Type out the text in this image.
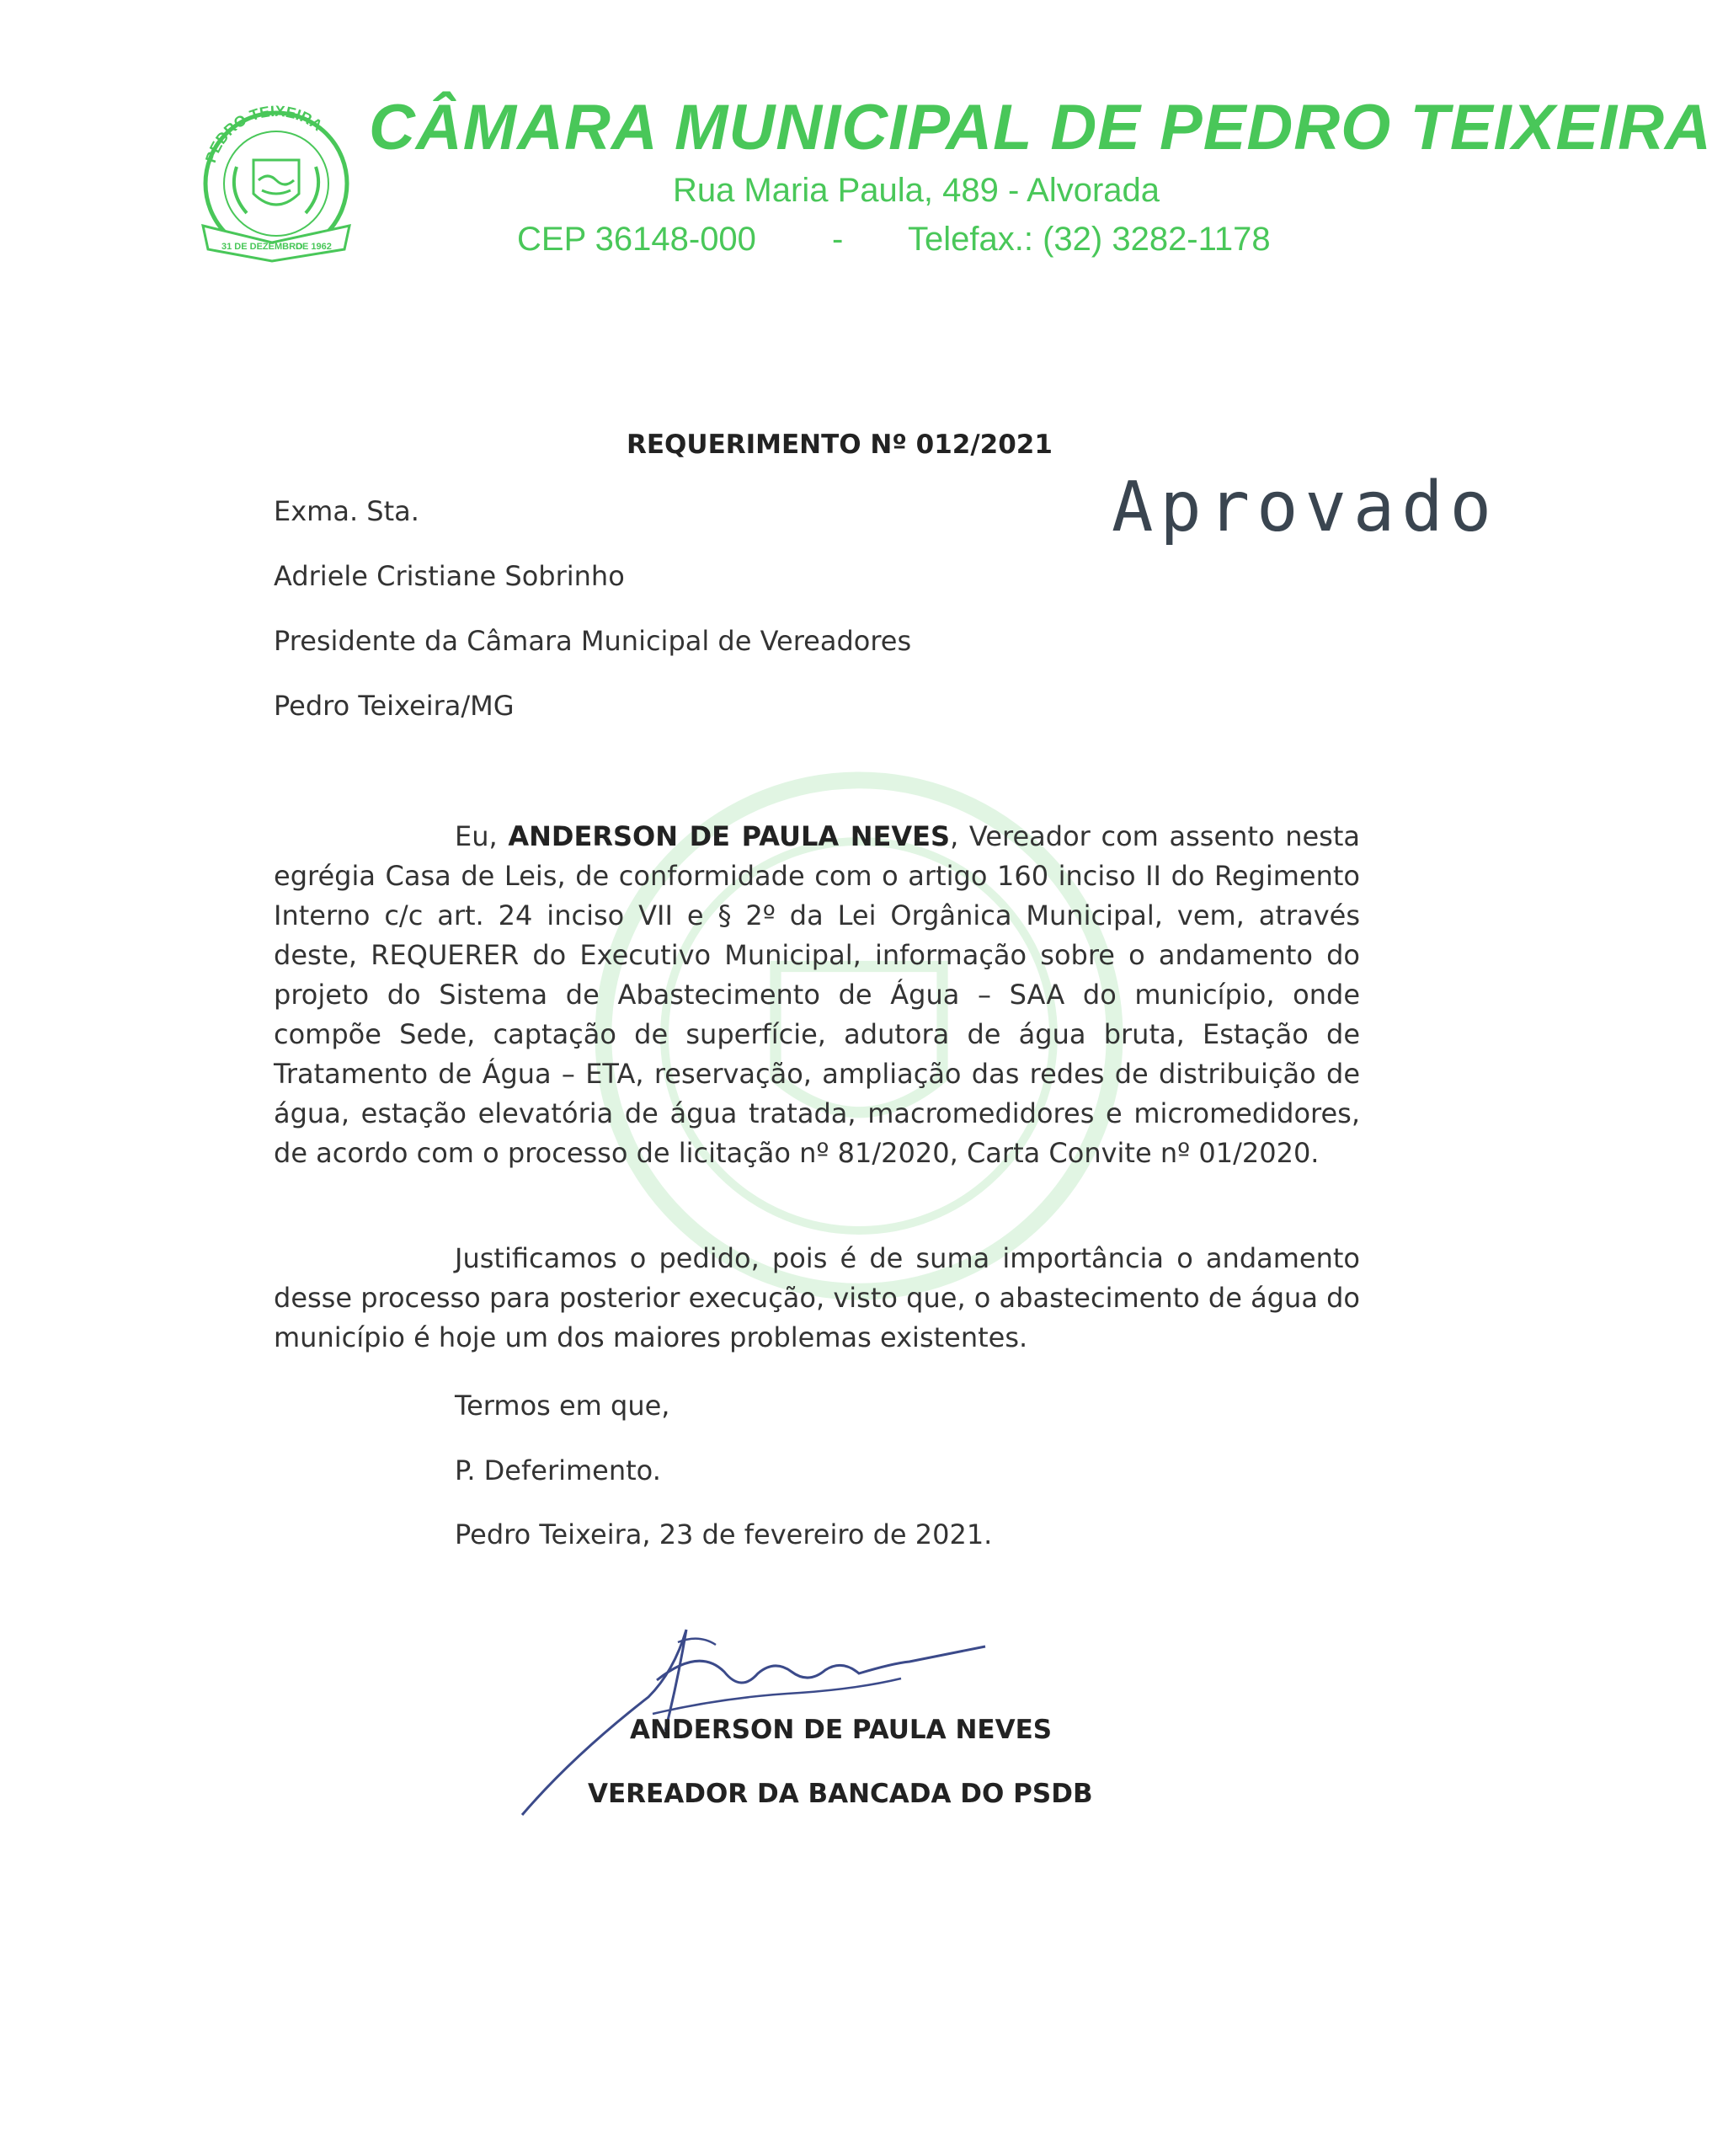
PEDRO TEIXEIRA
31 DE DEZEMBRO
DE 1962
CÂMARA MUNICIPAL DE PEDRO TEIXEIRA
Rua Maria Paula, 489 - Alvorada
CEP 36148-000 - Telefax.: (32) 3282-1178
REQUERIMENTO Nº 012/2021
Aprovado
Exma. Sta.
Adriele Cristiane Sobrinho
Presidente da Câmara Municipal de Vereadores
Pedro Teixeira/MG
Eu, ANDERSON DE PAULA NEVES, Vereador com assento nesta egrégia Casa de Leis, de conformidade com o artigo 160 inciso II do Regimento Interno c/c art. 24 inciso VII e § 2º da Lei Orgânica Municipal, vem, através deste, REQUERER do Executivo Municipal, informação sobre o andamento do projeto do Sistema de Abastecimento de Água – SAA do município, onde compõe Sede, captação de superfície, adutora de água bruta, Estação de Tratamento de Água – ETA, reservação, ampliação das redes de distribuição de água, estação elevatória de água tratada, macromedidores e micromedidores, de acordo com o processo de licitação nº 81/2020, Carta Convite nº 01/2020.
Justificamos o pedido, pois é de suma importância o andamento desse processo para posterior execução, visto que, o abastecimento de água do município é hoje um dos maiores problemas existentes.
Termos em que,
P. Deferimento.
Pedro Teixeira, 23 de fevereiro de 2021.
ANDERSON DE PAULA NEVES
VEREADOR DA BANCADA DO PSDB
